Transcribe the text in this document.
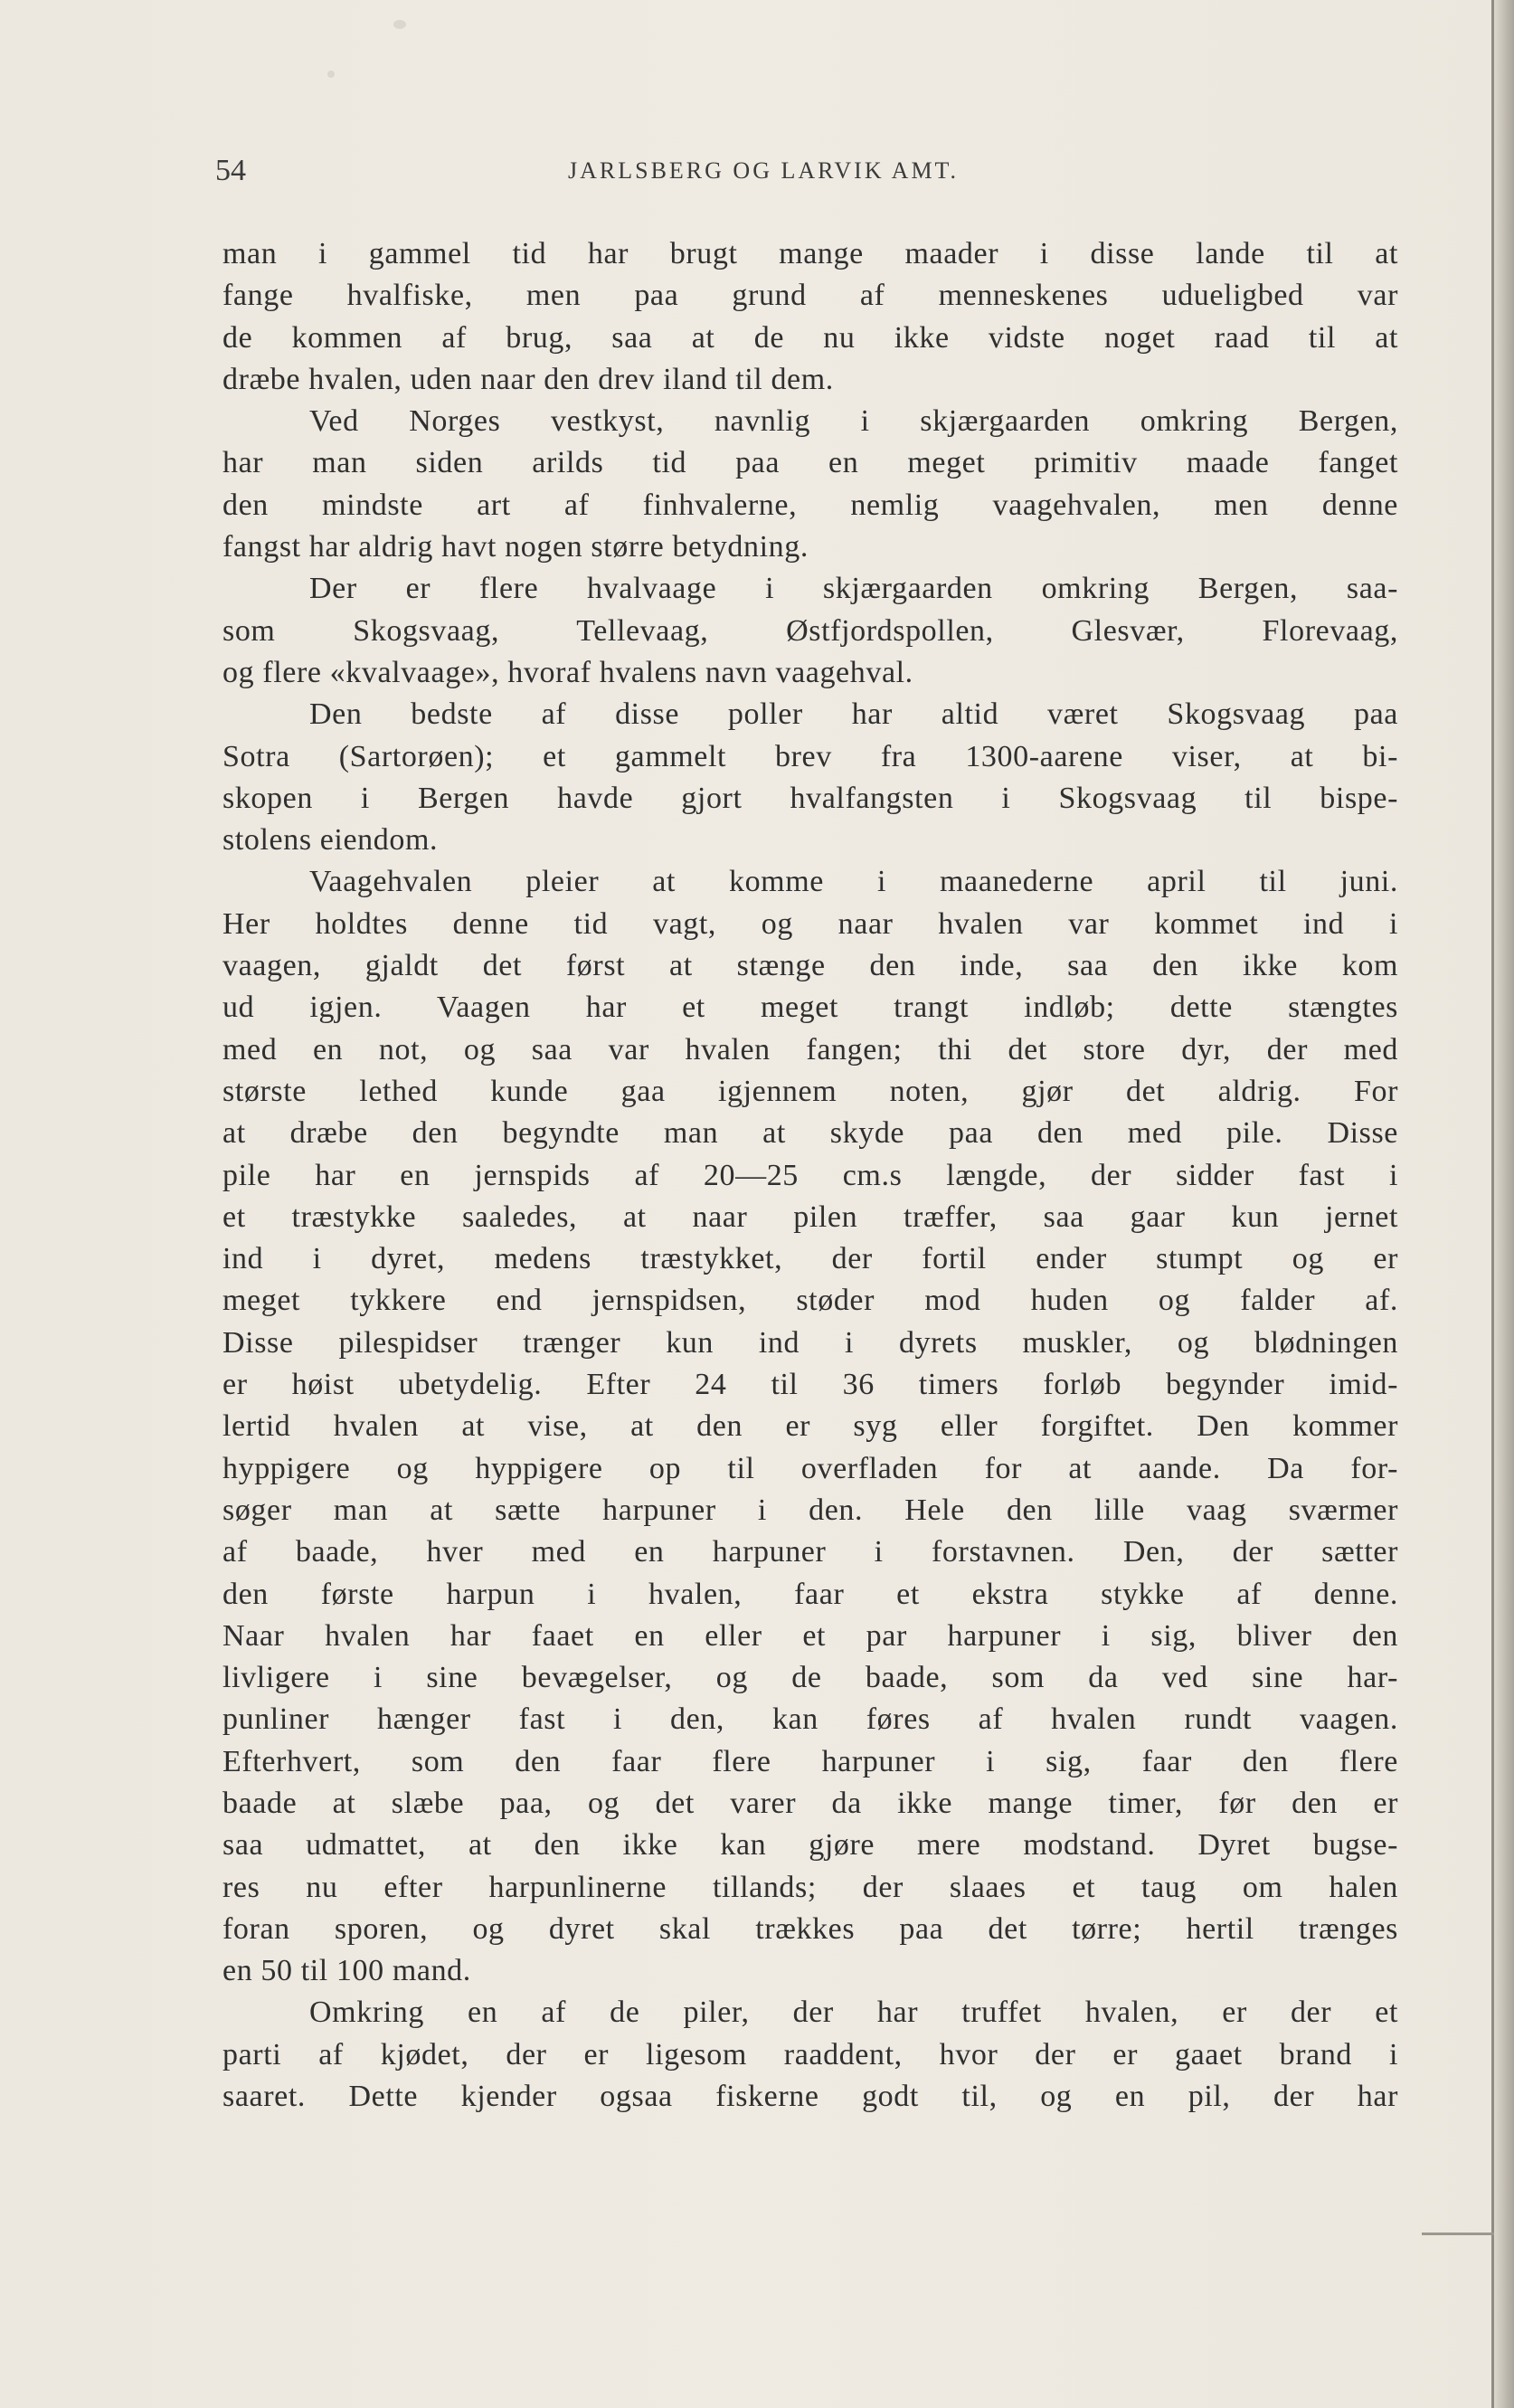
54	JARLSBERG OG LARVIK AMT.
man i gammel tid har brugt mange maader i disse lande til at
fange hvalfiske, men paa grund af menneskenes udueligbed var
de kommen af brug, saa at de nu ikke vidste noget raad til at
dræbe hvalen, uden naar den drev iland til dem.
Ved Norges vestkyst, navnlig i skjærgaarden omkring Bergen,
har man siden arilds tid paa en meget primitiv maade fanget
den mindste art af finhvalerne, nemlig vaagehvalen, men denne
fangst har aldrig havt nogen større betydning.
Der er flere hvalvaage i skjærgaarden omkring Bergen, saa-
som Skogsvaag, Tellevaag, Østfjordspollen, Glesvær, Florevaag,
og flere «kvalvaage», hvoraf hvalens navn vaagehval.
Den bedste af disse poller har altid været Skogsvaag paa
Sotra (Sartorøen); et gammelt brev fra 1300-aarene viser, at bi-
skopen i Bergen havde gjort hvalfangsten i Skogsvaag til bispe-
stolens eiendom.
Vaagehvalen pleier at komme i maanederne april til juni.
Her holdtes denne tid vagt, og naar hvalen var kommet ind i
vaagen, gjaldt det først at stænge den inde, saa den ikke kom
ud igjen. Vaagen har et meget trangt indløb; dette stængtes
med en not, og saa var hvalen fangen; thi det store dyr, der med
største lethed kunde gaa igjennem noten, gjør det aldrig. For
at dræbe den begyndte man at skyde paa den med pile. Disse
pile har en jernspids af 20—25 cm.s længde, der sidder fast i
et træstykke saaledes, at naar pilen træffer, saa gaar kun jernet
ind i dyret, medens træstykket, der fortil ender stumpt og er
meget tykkere end jernspidsen, støder mod huden og falder af.
Disse pilespidser trænger kun ind i dyrets muskler, og blødningen
er høist ubetydelig. Efter 24 til 36 timers forløb begynder imid-
lertid hvalen at vise, at den er syg eller forgiftet. Den kommer
hyppigere og hyppigere op til overfladen for at aande. Da for-
søger man at sætte harpuner i den. Hele den lille vaag sværmer
af baade, hver med en harpuner i forstavnen. Den, der sætter
den første harpun i hvalen, faar et ekstra stykke af denne.
Naar hvalen har faaet en eller et par harpuner i sig, bliver den
livligere i sine bevægelser, og de baade, som da ved sine har-
punliner hænger fast i den, kan føres af hvalen rundt vaagen.
Efterhvert, som den faar flere harpuner i sig, faar den flere
baade at slæbe paa, og det varer da ikke mange timer, før den er
saa udmattet, at den ikke kan gjøre mere modstand. Dyret bugse-
res nu efter harpunlinerne tillands; der slaaes et taug om halen
foran sporen, og dyret skal trækkes paa det tørre; hertil trænges
en 50 til 100 mand.
Omkring en af de piler, der har truffet hvalen, er der et
parti af kjødet, der er ligesom raaddent, hvor der er gaaet brand i
saaret. Dette kjender ogsaa fiskerne godt til, og en pil, der har
